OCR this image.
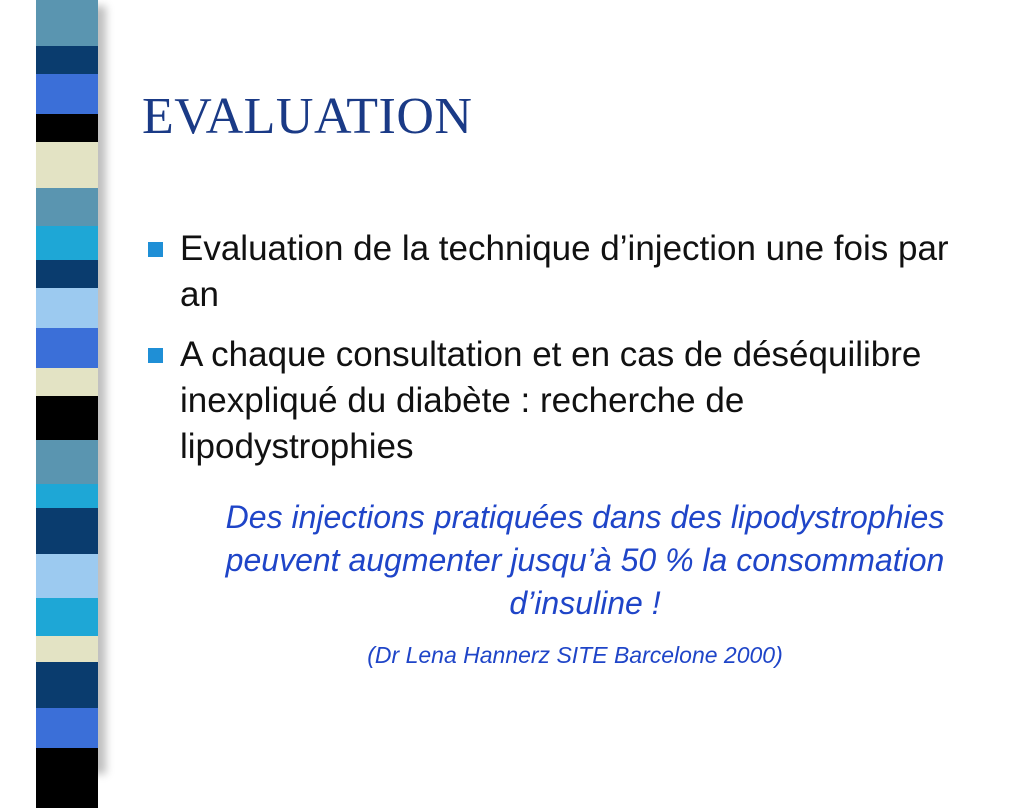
EVALUATION
Evaluation de la technique d’injection une fois par an
A chaque consultation et en cas de déséquilibre inexpliqué du diabète : recherche de lipodystrophies

Des injections pratiquées dans des lipodystrophies peuvent augmenter jusqu’à 50 % la consommation d’insuline !

(Dr Lena Hannerz SITE Barcelone 2000)
